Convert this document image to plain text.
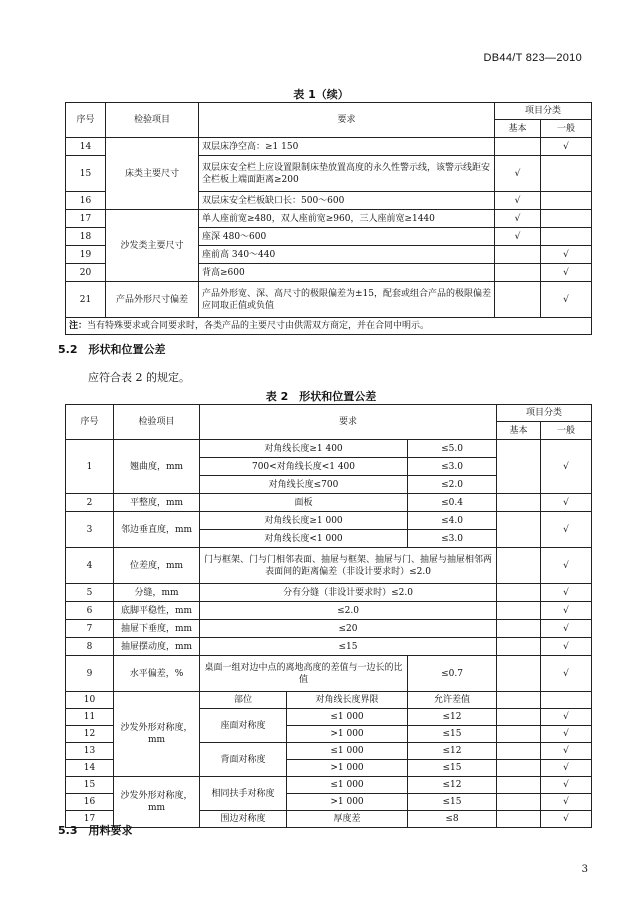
DB44/T 823—2010
表 1（续）
序号	检验项目	要求	项目分类	
			基本	一般
14	床类主要尺寸	双层床净空高：≥1 150		√
15		双层床安全栏上应设置限制床垫放置高度的永久性警示线，该警示线距安全栏板上端面距离≥200	√	
16		双层床安全栏板缺口长：500～600	√	
17	沙发类主要尺寸	单人座前宽≥480，双人座前宽≥960，三人座前宽≥1440	√	
18		座深 480～600	√	
19		座前高 340～440		√
20		背高≥600		√
21	产品外形尺寸偏差	产品外形宽、深、高尺寸的极限偏差为±15，配套或组合产品的极限偏差应同取正值或负值		√
注：当有特殊要求或合同要求时，各类产品的主要尺寸由供需双方商定，并在合同中明示。				
5.2　形状和位置公差
应符合表 2 的规定。
表 2　形状和位置公差
序号	检验项目	要求			项目分类	
					基本	一般
1	翘曲度，mm	对角线长度≥1 400		≤5.0		√
		700<对角线长度<1 400		≤3.0		
		对角线长度≤700		≤2.0		
2	平整度，mm	面板		≤0.4		√
3	邻边垂直度，mm	对角线长度≥1 000		≤4.0		√
		对角线长度<1 000		≤3.0		
4	位差度，mm	门与框架、门与门相邻表面、抽屉与框架、抽屉与门、抽屉与抽屉相邻两表面间的距离偏差（非设计要求时）≤2.0				√
5	分缝，mm	分有分缝（非设计要求时）≤2.0				√
6	底脚平稳性，mm	≤2.0				√
7	抽屉下垂度，mm	≤20				√
8	抽屉摆动度，mm	≤15				√
9	水平偏差，%	桌面一组对边中点的离地高度的差值与一边长的比值		≤0.7		√
10	沙发外形对称度，mm	部位	对角线长度界限	允许差值		
11		座面对称度	≤1 000	≤12		√
12			>1 000	≤15		√
13		背面对称度	≤1 000	≤12		√
14			>1 000	≤15		√
15	沙发外形对称度，mm	相同扶手对称度	≤1 000	≤12		√
16			>1 000	≤15		√
17		围边对称度	厚度差	≤8		√
5.3　用料要求
3
